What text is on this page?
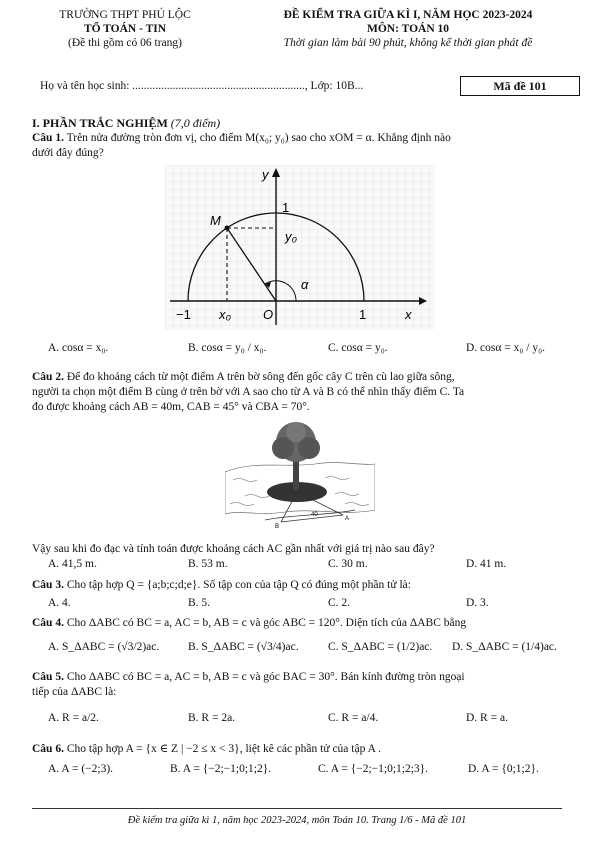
TRƯỜNG THPT PHÚ LỘC
TỔ TOÁN - TIN
(Đề thi gồm có 06 trang)
ĐỀ KIỂM TRA GIỮA KÌ I, NĂM HỌC 2023-2024
MÔN: TOÁN 10
Thời gian làm bài 90 phút, không kể thời gian phát đề
Họ và tên học sinh: ............................................................, Lớp: 10B...	Mã đề 101
I. PHẦN TRẮC NGHIỆM (7,0 điểm)
Câu 1. Trên nửa đường tròn đơn vị, cho điểm M(x₀; y₀) sao cho xOM = α. Khẳng định nào
dưới đây đúng?
y
1
M
y₀
α
−1 x₀ O	1	x
A. cosα = x₀.	B. cosα = y₀ / x₀.	C. cosα = y₀.	D. cosα = x₀ / y₀.
Câu 2. Để đo khoảng cách từ một điểm A trên bờ sông đến gốc cây C trên cù lao giữa sông,
người ta chọn một điểm B cùng ở trên bờ với A sao cho từ A và B có thể nhìn thấy điểm C. Ta
đo được khoảng cách AB = 40m, CAB = 45° và CBA = 70°.
40
A
B
Vậy sau khi đo đạc và tính toán được khoảng cách AC gần nhất với giá trị nào sau đây?
A. 41,5 m.	B. 53 m.	C. 30 m.	D. 41 m.
Câu 3. Cho tập hợp Q = {a;b;c;d;e}. Số tập con của tập Q có đúng một phần tử là:
A. 4.	B. 5.	C. 2.	D. 3.
Câu 4. Cho ΔABC có BC = a, AC = b, AB = c và góc ABC = 120°. Diện tích của ΔABC bằng
A. S_ΔABC = (√3/2)ac.	B. S_ΔABC = (√3/4)ac.	C. S_ΔABC = (1/2)ac. D. S_ΔABC = (1/4)ac.
Câu 5. Cho ΔABC có BC = a, AC = b, AB = c và góc BAC = 30°. Bán kính đường tròn ngoại
tiếp của ΔABC là:
A. R = a/2.	B. R = 2a.	C. R = a/4.	D. R = a.
Câu 6. Cho tập hợp A = {x ∈ Z | −2 ≤ x < 3}, liệt kê các phần tử của tập A .
A. A = (−2;3).	B. A = {−2;−1;0;1;2}.	C. A = {−2;−1;0;1;2;3}.	D. A = {0;1;2}.
Đề kiểm tra giữa kì 1, năm học 2023-2024, môn Toán 10. Trang 1/6 - Mã đề 101
